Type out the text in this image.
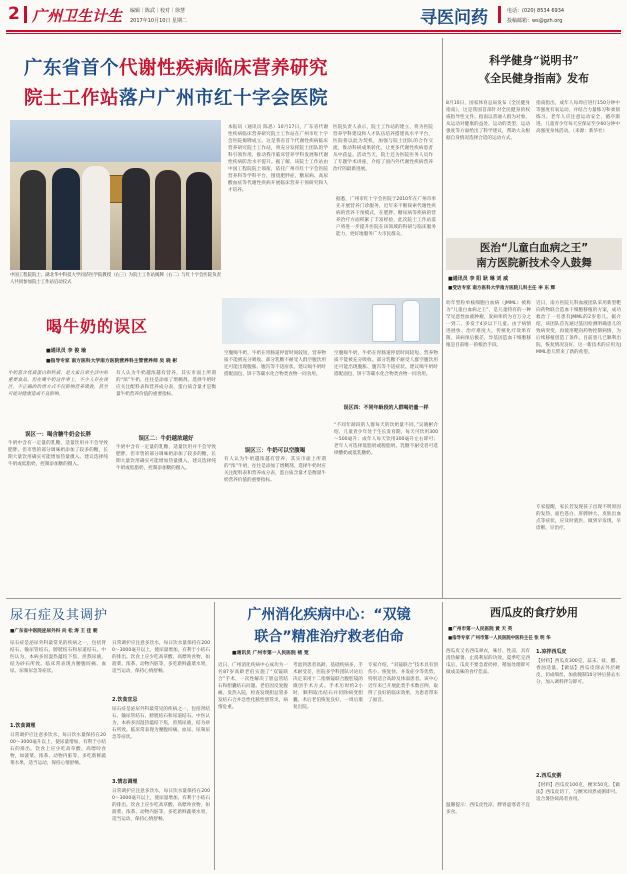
2 广州卫生计生 编辑｜陈武｜校对｜徐慧
2017年10月10日 星期二	寻医问药	电话：(020) 8534 6934
投稿邮箱：ws@gzh.org
广东省首个代谢性疾病临床营养研究
院士工作站落户广州市红十字会医院
中国工程院院士、湖北华中科技大学同济医学院教授（右三）为院士工作站揭牌（右二）与红十字会医院负责人共同参加院士工作站启动仪式
本报讯（通讯员 陈思）10月17日，广东省代谢性疾病临床营养研究院士工作站在广州市红十字会医院揭牌成立。这是我省首个代谢性疾病临床营养研究院士工作站，将充分发挥院士团队的学科引领作用，推动我市临床营养学科发展和代谢性疾病防治水平提升。据了解，该院士工作站由中国工程院院士领衔，依托广州市红十字会医院营养科等学科平台，围绕肥胖症、糖尿病、高尿酸血症等代谢性疾病开展临床营养干预研究和人才培养。
医院负责人表示，院士工作站的建立，将为医院营养学科建设和人才队伍培养搭建高水平平台，医院将以此为契机，加强与院士团队的合作交流，推动科研成果转化，让更多代谢性疾病患者从中获益。活动当天，院士还为医院医务人员作了专题学术讲座，介绍了国内外代谢性疾病营养治疗的最新进展。
据悉，广州市红十字会医院于2010年在广州市率先开展营养门诊服务，近年来不断探索代谢性疾病的营养干预模式，在肥胖、糖尿病等疾病的营养治疗方面积累了丰富经验，此次院士工作站落户将进一步提升医院在该领域的科研与临床服务能力，更好地服务广大市民群众。
科学健身“说明书”
《全民健身指南》发布
8月10日，国家体育总局发布《全民健身指南》，这是我国首部针对全民健身的权威指导性文件。指南以普通人群为对象，从运动对健康的益处、运动的类型、运动强度等方面给出了科学建议，帮助大众根据自身情况选择合适的运动方式。
指南指出，成年人每周应进行150分钟中等强度有氧运动，并结合力量练习和柔韧练习。老年人应注意运动安全，循序渐进。儿童青少年每天应保证至少60分钟中高强度身体活动。（来源：新华社）
医治“儿童白血病之王”
南方医院新技术令人鼓舞
■通讯员 李 阳 耿 琳 刘 威
■受访专家 南方医科大学南方医院儿科主任 李 东 辉
幼年型粒单核细胞白血病（JMML）被称为“儿童白血病之王”，是儿童特有的一种罕见恶性血液肿瘤，发病率约为百万分之一到二，多发于4岁以下儿童。由于病情进展快、治疗难度大，传统化疗效果有限，该病预后极差，异基因造血干细胞移植是目前唯一的根治手段。
近日，南方医院儿科血液团队采用新型靶向药物联合造血干细胞移植的方案，成功救治了一名患有JMML的2岁患儿。据介绍，该团队首先通过基因检测明确患儿的致病突变，再使用靶向药物控制病情，为后续移植创造了条件。目前患儿已顺利出院，恢复情况良好，这一新技术的应用为JMML患儿带来了新的希望。
专家提醒，家长若发现孩子出现不明原因的发热、面色苍白、肝脾肿大、皮肤出血点等症状，应及时就医，做到早发现、早诊断、早治疗。
喝牛奶的误区
■通讯员 李 俊 瑜
■指导专家 南方医科大学南方医院营养科主管营养师 吴 晓 彬
牛奶富含优质蛋白和钙质，是大家日常生活中的重要食品。但在喝牛奶这件事上，不少人存在误区，不正确的饮用方式不仅影响营养吸收，甚至可能对健康造成不良影响。
误区一：喝含糖牛奶会长胖
牛奶中含有一定量的乳糖，适量饮用并不会导致肥胖。但市售的部分调味奶添加了较多的糖，长期大量饮用确实可能增加热量摄入。建议选择纯牛奶或低脂奶，控制添加糖的摄入。
有人认为牛奶越浓越有营养，其实市面上所谓的“浓”牛奶，往往是添加了增稠剂。选择牛奶时应关注配料表和营养成分表，蛋白质含量才是衡量牛奶营养价值的重要指标。
误区二：牛奶越浓越好
牛奶中含有一定量的乳糖，适量饮用并不会导致肥胖。但市售的部分调味奶添加了较多的糖，长期大量饮用确实可能增加热量摄入。建议选择纯牛奶或低脂奶，控制添加糖的摄入。
空腹喝牛奶，牛奶在胃肠道停留时间较短，营养物质不能被充分吸收。部分乳糖不耐受人群空腹饮用还可能出现腹胀、腹泻等不适症状。建议喝牛奶时搭配面包、饼干等碳水化合物类食物一同食用。
误区三：牛奶可以空腹喝
有人认为牛奶越浓越有营养，其实市面上所谓的“浓”牛奶，往往是添加了增稠剂。选择牛奶时应关注配料表和营养成分表，蛋白质含量才是衡量牛奶营养价值的重要指标。
空腹喝牛奶，牛奶在胃肠道停留时间较短，营养物质不能被充分吸收。部分乳糖不耐受人群空腹饮用还可能出现腹胀、腹泻等不适症状。建议喝牛奶时搭配面包、饼干等碳水化合物类食物一同食用。
误区四：不同年龄段的人群喝奶量一样
“不同年龄段的人群每天的饮奶量不同。”吴晓彬介绍，儿童青少年处于生长发育期，每天可饮用300～500毫升；成年人每天饮用300毫升左右即可；老年人可选择低脂奶或脱脂奶。乳糖不耐受者可选择酸奶或低乳糖奶。
尿石症及其调护
■广东省中医院泌尿外科 向 松 涛 王 佳 朝
尿石症是泌尿外科最常见的疾病之一，包括肾结石、输尿管结石、膀胱结石和尿道结石。中医认为，本病多因湿热蕴结下焦，煎熬尿液，结为砂石所致。临床常表现为腰腹绞痛、血尿、尿频尿急等症状。
1.饮食调理
日常调护应注意多饮水，每日饮水量保持在2000～3000毫升以上，使尿量增加，有利于小结石的排出。饮食上应少吃高草酸、高嘌呤食物，如菠菜、浓茶、动物内脏等，多吃新鲜蔬菜水果，适当运动，保持心情舒畅。
日常调护应注意多饮水，每日饮水量保持在2000～3000毫升以上，使尿量增加，有利于小结石的排出。饮食上应少吃高草酸、高嘌呤食物，如菠菜、浓茶、动物内脏等，多吃新鲜蔬菜水果，适当运动，保持心情舒畅。
2.饮食宜忌
尿石症是泌尿外科最常见的疾病之一，包括肾结石、输尿管结石、膀胱结石和尿道结石。中医认为，本病多因湿热蕴结下焦，煎熬尿液，结为砂石所致。临床常表现为腰腹绞痛、血尿、尿频尿急等症状。
3.情志调理
日常调护应注意多饮水，每日饮水量保持在2000～3000毫升以上，使尿量增加，有利于小结石的排出。饮食上应少吃高草酸、高嘌呤食物，如菠菜、浓茶、动物内脏等，多吃新鲜蔬菜水果，适当运动，保持心情舒畅。
广州消化疾病中心：“双镜
联合”精准治疗救老伯命
■通讯员 广州市第一人民医院 褚 宽
近日，广州消化疾病中心成功为一名87岁高龄老伯实施了“双镜联合”手术，一次性解决了胆总管结石和胆囊结石问题。老伯因反复腹痛、发热入院，检查发现胆总管多发结石合并急性化脓性胆管炎，病情危重。
考虑到患者高龄、基础疾病多，手术耐受差，医院多学科团队讨论后决定采用十二指肠镜联合腹腔镜的微创手术方式。手术历时约2小时，顺利取出结石并切除病变胆囊。术后老伯恢复良好，一周后康复出院。
专家介绍，“双镜联合”技术具有创伤小、恢复快、并发症少等优势，特别适合高龄及体弱患者。该中心近年来已开展此类手术数百例，取得了良好的临床效果，为患者带来了福音。
西瓜皮的食疗妙用
■广州市第一人民医院 黄 天 英
■指导专家 广州市第一人民医院中医科主任 张 明 华
西瓜皮又名西瓜翠衣，味甘、性凉，具有清热解暑、止渴利尿的功效。夏季吃完西瓜后，瓜皮不要急着扔掉，稍加处理即可做成美味的食疗佳品。
温馨提示：西瓜皮性凉，脾胃虚寒者不宜多食。
1.凉拌西瓜皮
【材料】西瓜皮300克，蒜末、盐、醋、香油适量。【做法】西瓜皮削去外层硬皮，切成细丝，加盐腌制10分钟后挤去水分，加入调料拌匀即可。
2.西瓜皮粥
【材料】西瓜皮100克，粳米50克。【做法】西瓜皮切丁，与粳米同煮成粥即可。适合暑热烦渴者食用。
